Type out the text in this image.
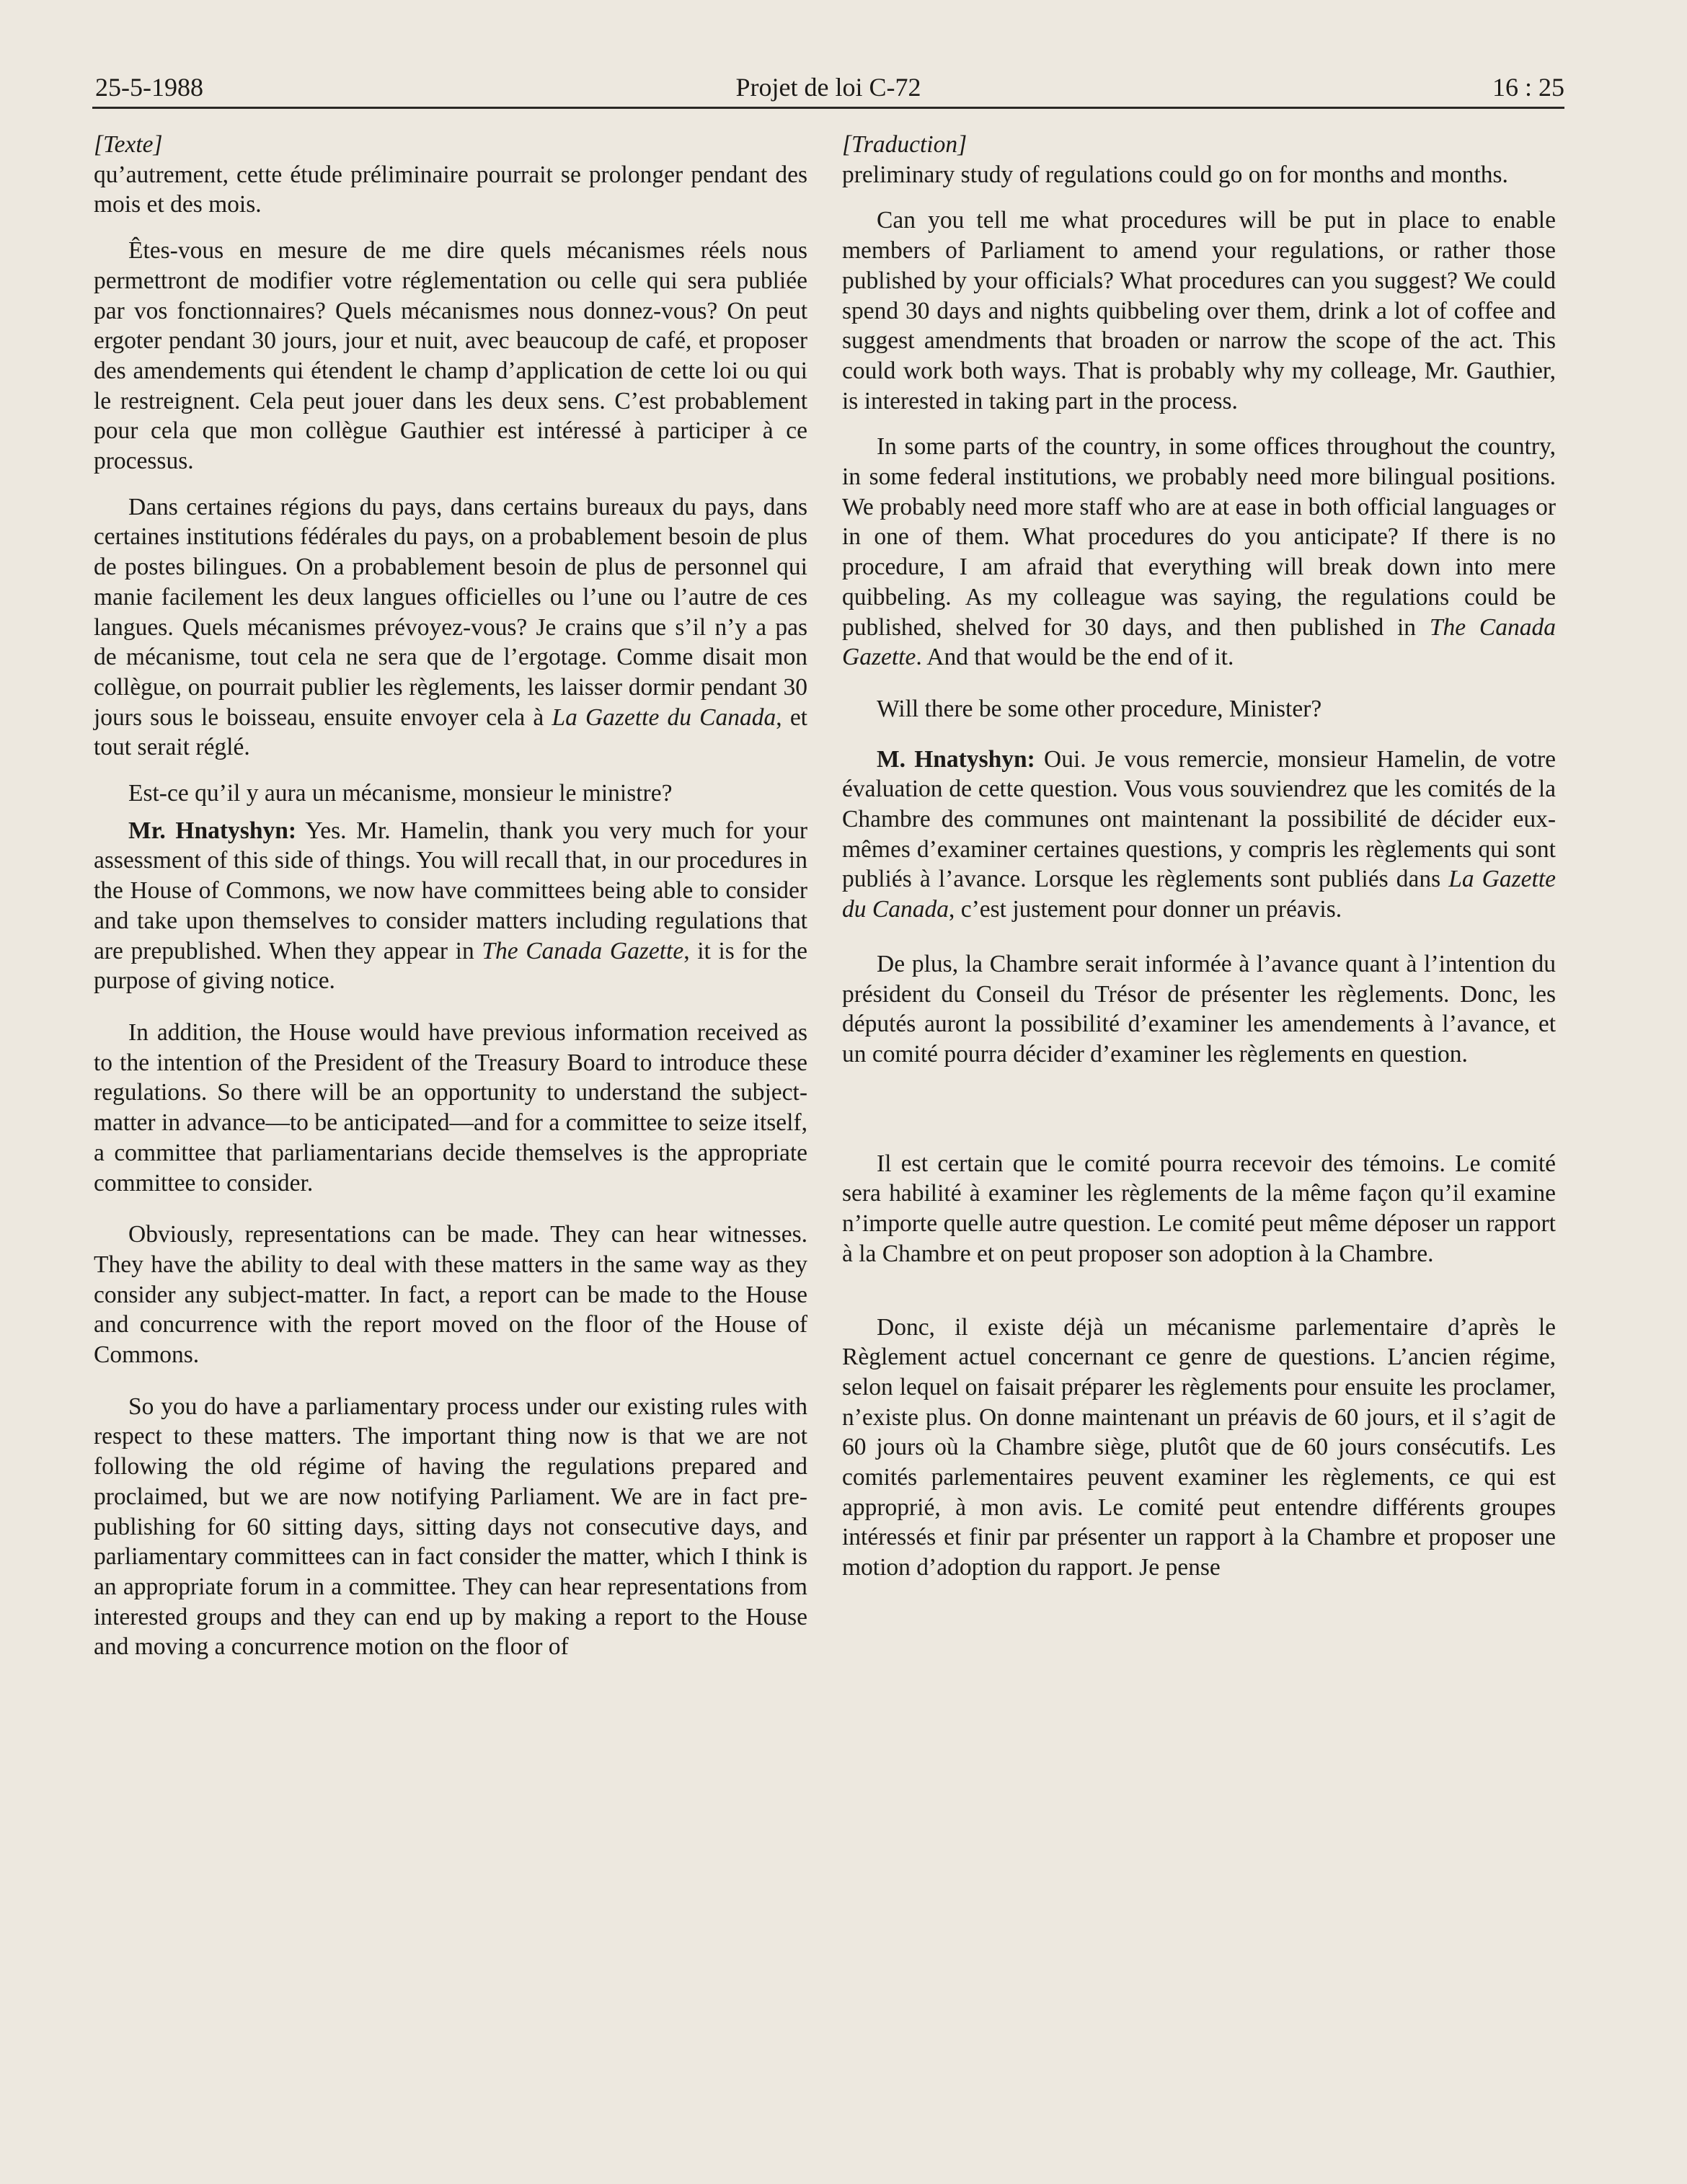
25-5-1988	Projet de loi C-72	16 : 25
[Texte]

qu’autrement, cette étude préliminaire pourrait se prolonger pendant des mois et des mois.

Êtes-vous en mesure de me dire quels mécanismes réels nous permettront de modifier votre réglementation ou celle qui sera publiée par vos fonctionnaires? Quels mécanismes nous donnez-vous? On peut ergoter pendant 30 jours, jour et nuit, avec beaucoup de café, et proposer des amendements qui étendent le champ d’application de cette loi ou qui le restreignent. Cela peut jouer dans les deux sens. C’est probablement pour cela que mon collègue Gauthier est intéressé à participer à ce processus.

Dans certaines régions du pays, dans certains bureaux du pays, dans certaines institutions fédérales du pays, on a probablement besoin de plus de postes bilingues. On a probablement besoin de plus de personnel qui manie facilement les deux langues officielles ou l’une ou l’autre de ces langues. Quels mécanismes prévoyez-vous? Je crains que s’il n’y a pas de mécanisme, tout cela ne sera que de l’ergotage. Comme disait mon collègue, on pourrait publier les règlements, les laisser dormir pendant 30 jours sous le boisseau, ensuite envoyer cela à La Gazette du Canada, et tout serait réglé.

Est-ce qu’il y aura un mécanisme, monsieur le ministre?

Mr. Hnatyshyn: Yes. Mr. Hamelin, thank you very much for your assessment of this side of things. You will recall that, in our procedures in the House of Commons, we now have committees being able to consider and take upon themselves to consider matters including regulations that are prepublished. When they appear in The Canada Gazette, it is for the purpose of giving notice.

In addition, the House would have previous information received as to the intention of the President of the Treasury Board to introduce these regulations. So there will be an opportunity to understand the subject-matter in advance—to be anticipated—and for a committee to seize itself, a committee that parliamentarians decide themselves is the appropriate committee to consider.

Obviously, representations can be made. They can hear witnesses. They have the ability to deal with these matters in the same way as they consider any subject-matter. In fact, a report can be made to the House and concurrence with the report moved on the floor of the House of Commons.

So you do have a parliamentary process under our existing rules with respect to these matters. The important thing now is that we are not following the old régime of having the regulations prepared and proclaimed, but we are now notifying Parliament. We are in fact pre-publishing for 60 sitting days, sitting days not consecutive days, and parliamentary committees can in fact consider the matter, which I think is an appropriate forum in a committee. They can hear representations from interested groups and they can end up by making a report to the House and moving a concurrence motion on the floor of

[Traduction]

preliminary study of regulations could go on for months and months.

Can you tell me what procedures will be put in place to enable members of Parliament to amend your regulations, or rather those published by your officials? What procedures can you suggest? We could spend 30 days and nights quibbeling over them, drink a lot of coffee and suggest amendments that broaden or narrow the scope of the act. This could work both ways. That is probably why my colleage, Mr. Gauthier, is interested in taking part in the process.

In some parts of the country, in some offices throughout the country, in some federal institutions, we probably need more bilingual positions. We probably need more staff who are at ease in both official languages or in one of them. What procedures do you anticipate? If there is no procedure, I am afraid that everything will break down into mere quibbeling. As my colleague was saying, the regulations could be published, shelved for 30 days, and then published in The Canada Gazette. And that would be the end of it.

Will there be some other procedure, Minister?

M. Hnatyshyn: Oui. Je vous remercie, monsieur Hamelin, de votre évaluation de cette question. Vous vous souviendrez que les comités de la Chambre des communes ont maintenant la possibilité de décider eux-mêmes d’examiner certaines questions, y compris les règlements qui sont publiés à l’avance. Lorsque les règlements sont publiés dans La Gazette du Canada, c’est justement pour donner un préavis.

De plus, la Chambre serait informée à l’avance quant à l’intention du président du Conseil du Trésor de présenter les règlements. Donc, les députés auront la possibilité d’examiner les amendements à l’avance, et un comité pourra décider d’examiner les règlements en question.

Il est certain que le comité pourra recevoir des témoins. Le comité sera habilité à examiner les règlements de la même façon qu’il examine n’importe quelle autre question. Le comité peut même déposer un rapport à la Chambre et on peut proposer son adoption à la Chambre.

Donc, il existe déjà un mécanisme parlementaire d’après le Règlement actuel concernant ce genre de questions. L’ancien régime, selon lequel on faisait préparer les règlements pour ensuite les proclamer, n’existe plus. On donne maintenant un préavis de 60 jours, et il s’agit de 60 jours où la Chambre siège, plutôt que de 60 jours consécutifs. Les comités parlementaires peuvent examiner les règlements, ce qui est approprié, à mon avis. Le comité peut entendre différents groupes intéressés et finir par présenter un rapport à la Chambre et proposer une motion d’adoption du rapport. Je pense
